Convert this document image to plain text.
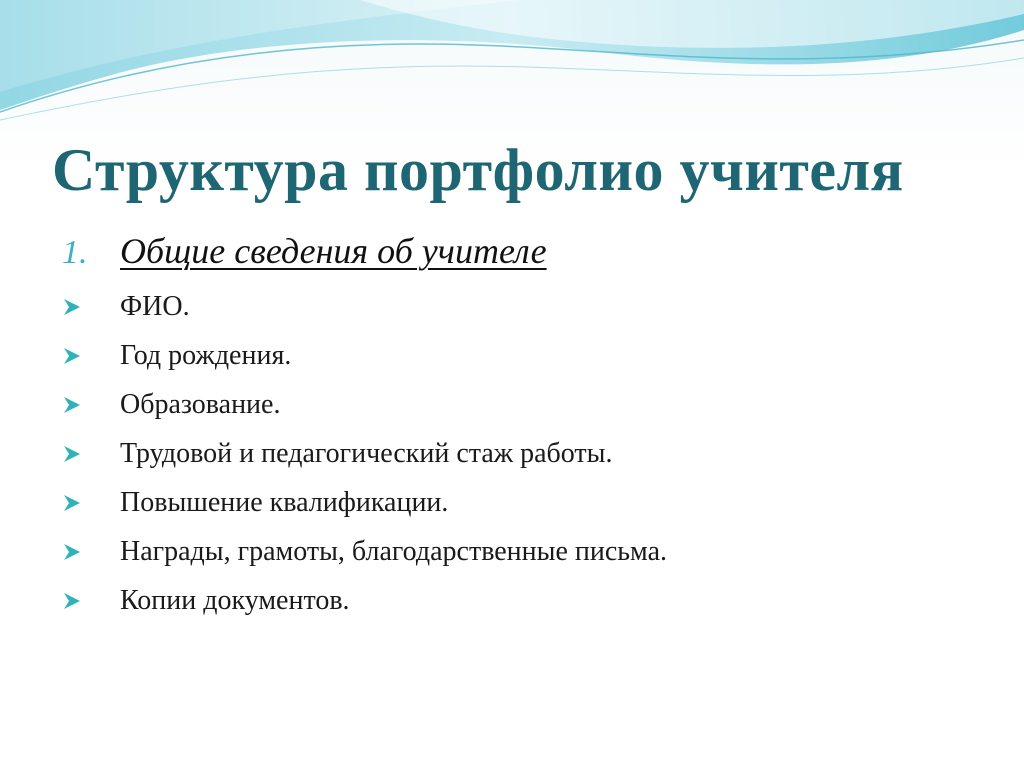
Структура портфолио учителя
1. Общие сведения об учителе
ФИО.
Год рождения.
Образование.
Трудовой и педагогический стаж работы.
Повышение квалификации.
Награды, грамоты, благодарственные письма.
Копии документов.
